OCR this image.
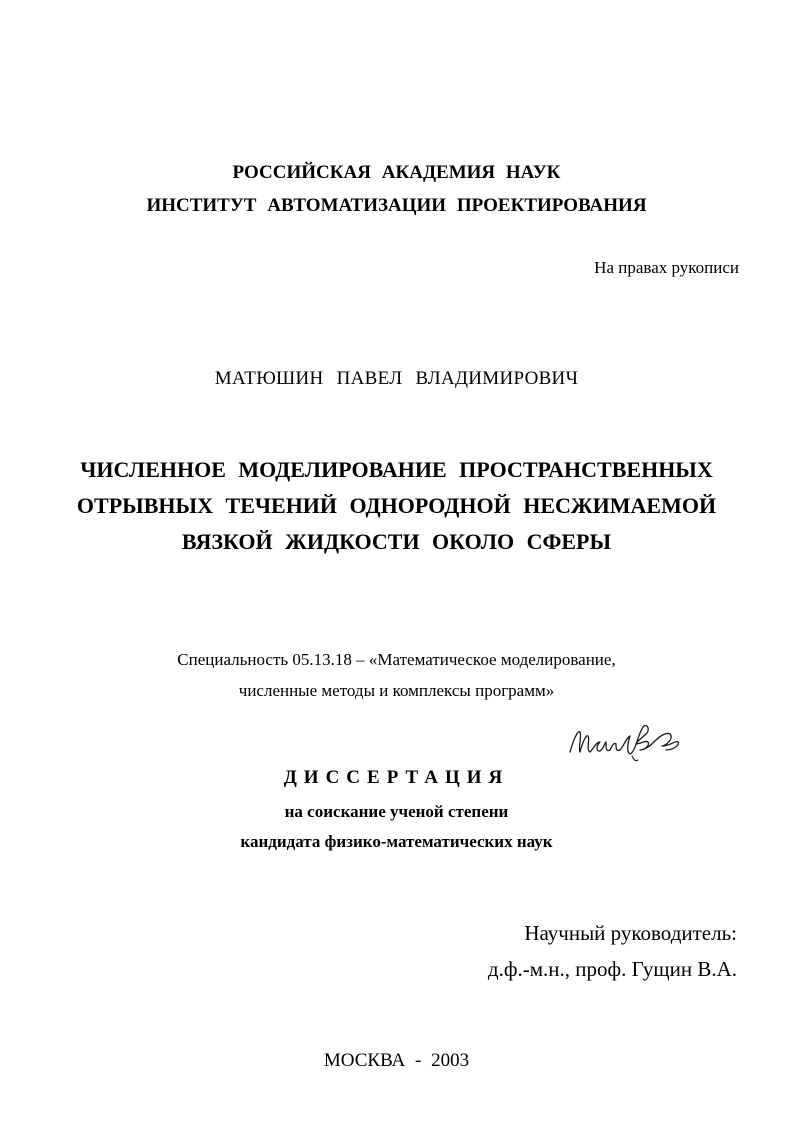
РОССИЙСКАЯ АКАДЕМИЯ НАУК
ИНСТИТУТ АВТОМАТИЗАЦИИ ПРОЕКТИРОВАНИЯ
На правах рукописи
МАТЮШИН ПАВЕЛ ВЛАДИМИРОВИЧ
ЧИСЛЕННОЕ МОДЕЛИРОВАНИЕ ПРОСТРАНСТВЕННЫХ
ОТРЫВНЫХ ТЕЧЕНИЙ ОДНОРОДНОЙ НЕСЖИМАЕМОЙ
ВЯЗКОЙ ЖИДКОСТИ ОКОЛО СФЕРЫ
Специальность 05.13.18 – «Математическое моделирование,
численные методы и комплексы программ»
ДИССЕРТАЦИЯ
на соискание ученой степени
кандидата физико-математических наук
Научный руководитель:
д.ф.-м.н., проф. Гущин В.А.
МОСКВА - 2003
